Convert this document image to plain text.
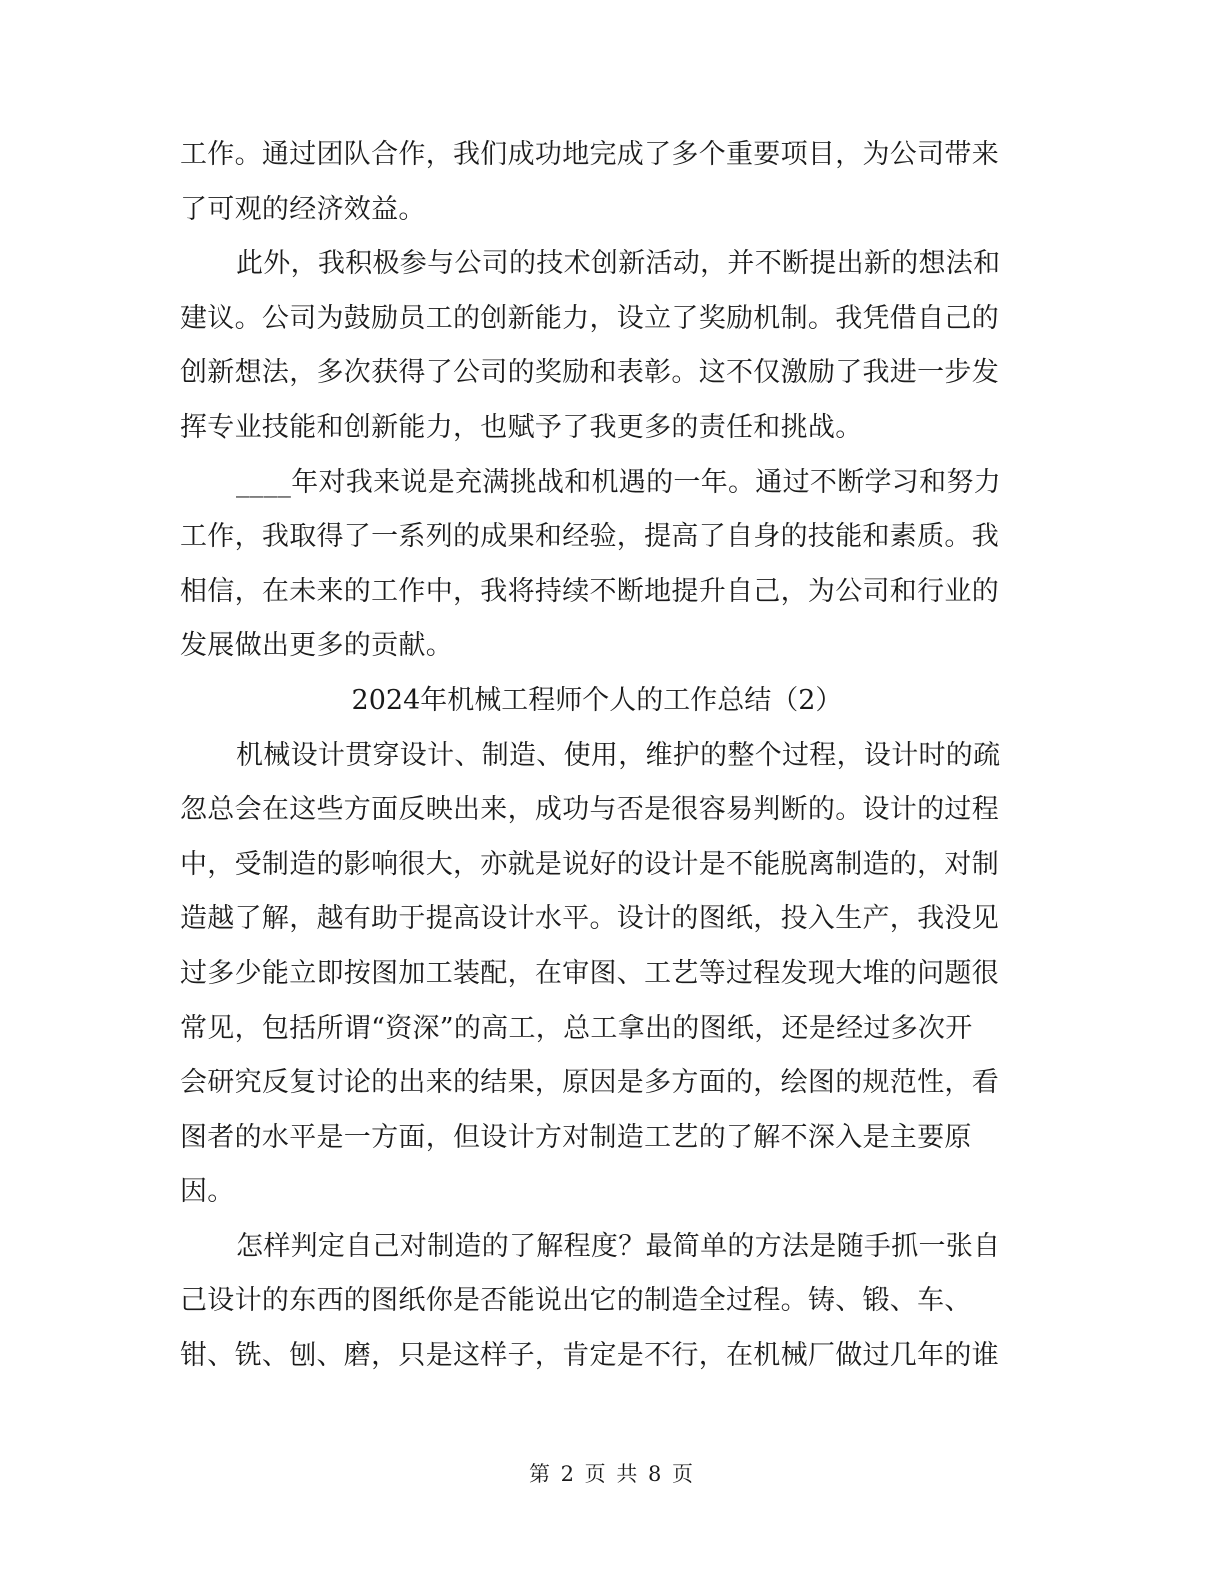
工作。通过团队合作，我们成功地完成了多个重要项目，为公司带来
了可观的经济效益。
此外，我积极参与公司的技术创新活动，并不断提出新的想法和
建议。公司为鼓励员工的创新能力，设立了奖励机制。我凭借自己的
创新想法，多次获得了公司的奖励和表彰。这不仅激励了我进一步发
挥专业技能和创新能力，也赋予了我更多的责任和挑战。
____年对我来说是充满挑战和机遇的一年。通过不断学习和努力
工作，我取得了一系列的成果和经验，提高了自身的技能和素质。我
相信，在未来的工作中，我将持续不断地提升自己，为公司和行业的
发展做出更多的贡献。
2024年机械工程师个人的工作总结（2）
机械设计贯穿设计、制造、使用，维护的整个过程，设计时的疏
忽总会在这些方面反映出来，成功与否是很容易判断的。设计的过程
中，受制造的影响很大，亦就是说好的设计是不能脱离制造的，对制
造越了解，越有助于提高设计水平。设计的图纸，投入生产，我没见
过多少能立即按图加工装配，在审图、工艺等过程发现大堆的问题很
常见，包括所谓“资深”的高工，总工拿出的图纸，还是经过多次开
会研究反复讨论的出来的结果，原因是多方面的，绘图的规范性，看
图者的水平是一方面，但设计方对制造工艺的了解不深入是主要原
因。
怎样判定自己对制造的了解程度？最简单的方法是随手抓一张自
己设计的东西的图纸你是否能说出它的制造全过程。铸、锻、车、
钳、铣、刨、磨，只是这样子，肯定是不行，在机械厂做过几年的谁
第 2 页 共 8 页
